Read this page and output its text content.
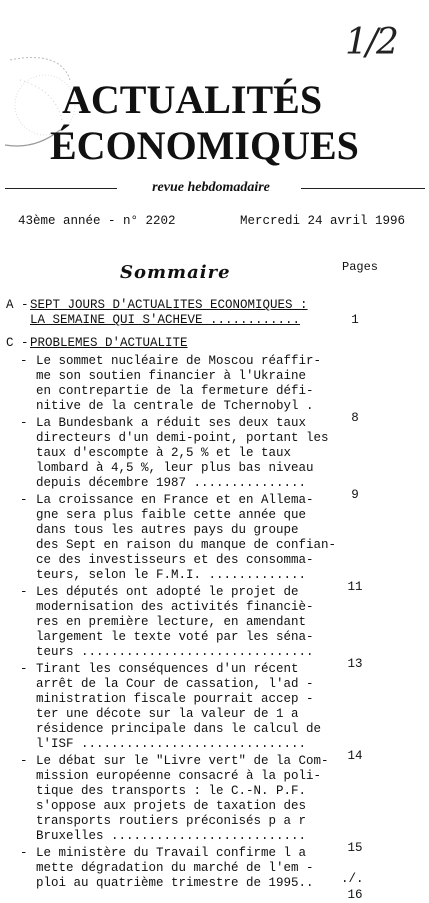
1/2
ACTUALITÉS
ÉCONOMIQUES
revue hebdomadaire
43ème année - n° 2202	Mercredi 24 avril 1996
Sommaire	Pages
A - SEPT JOURS D'ACTUALITES ECONOMIQUES :
LA SEMAINE QUI S'ACHEVE ............	1
C - PROBLEMES D'ACTUALITE
- Le sommet nucléaire de Moscou réaffir-
me son soutien financier à l'Ukraine
en contrepartie de la fermeture défi-
nitive de la centrale de Tchernobyl .
8
- La Bundesbank a réduit ses deux taux
directeurs d'un demi-point, portant les
taux d'escompte à 2,5 % et le taux
lombard à 4,5 %, leur plus bas niveau
depuis décembre 1987 ...............
9
- La croissance en France et en Allema-
gne sera plus faible cette année que
dans tous les autres pays du groupe
des Sept en raison du manque de confian-
ce des investisseurs et des consomma-
teurs, selon le F.M.I. .............
11
- Les députés ont adopté le projet de
modernisation des activités financiè-
res en première lecture, en amendant
largement le texte voté par les séna-
teurs ...............................
13
- Tirant les conséquences d'un récent
arrêt de la Cour de cassation, l'ad -
ministration fiscale pourrait accep -
ter une décote sur la valeur de 1 a
résidence principale dans le calcul de
l'ISF ..............................
14
- Le débat sur le "Livre vert" de la Com-
mission européenne consacré à la poli-
tique des transports : le C.-N. P.F.
s'oppose aux projets de taxation des
transports routiers préconisés p a r
Bruxelles ..........................
15
- Le ministère du Travail confirme l a
mette dégradation du marché de l'em -
ploi au quatrième trimestre de 1995..
16
./.
